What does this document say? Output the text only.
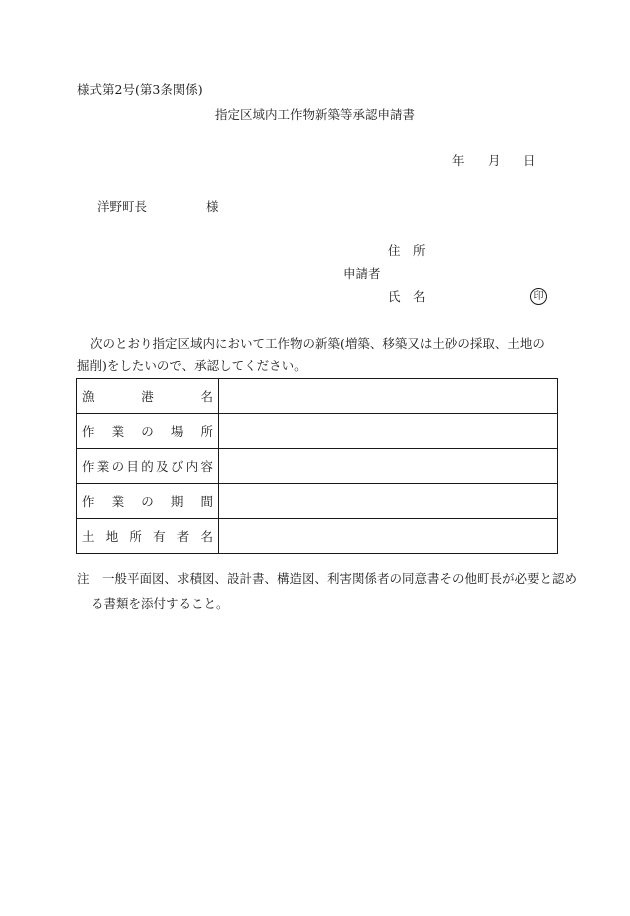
様式第2号(第3条関係)
指定区域内工作物新築等承認申請書
年 月 日
洋野町長	様
住　所
申請者
氏　名	印
次のとおり指定区域内において工作物の新築(増築、移築又は土砂の採取、土地の掘削)をしたいので、承認してください。
漁港名	
作業の場所	
作業の目的及び内容	
作業の期間	
土地所有者名	
注　一般平面図、求積図、設計書、構造図、利害関係者の同意書その他町長が必要と認め
る書類を添付すること。
